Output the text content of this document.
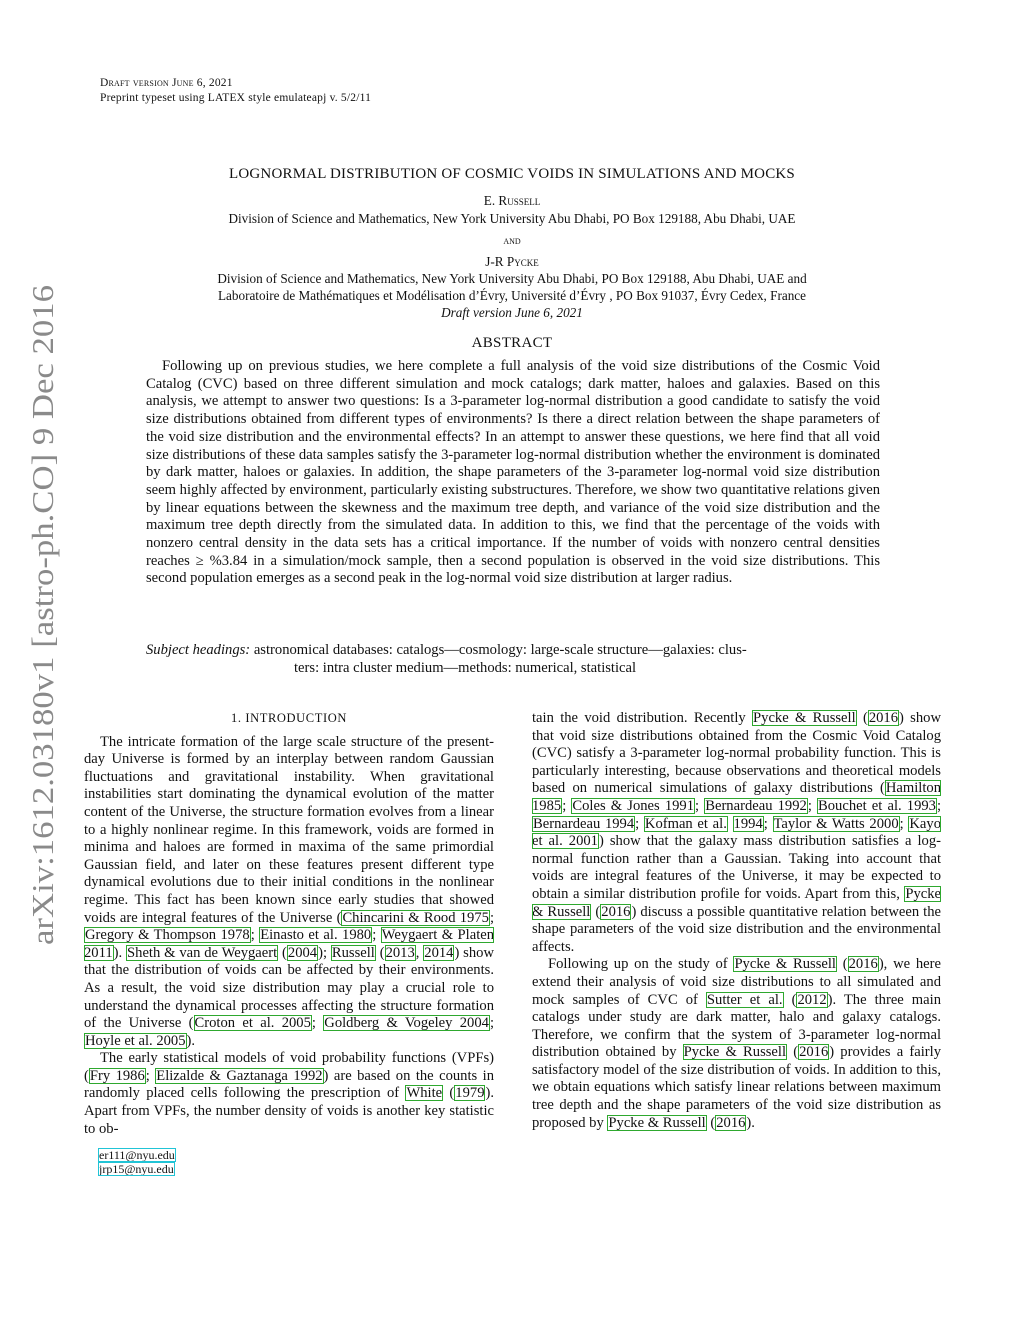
arXiv:1612.03180v1 [astro-ph.CO] 9 Dec 2016
Draft version June 6, 2021
Preprint typeset using LATEX style emulateapj v. 5/2/11
LOGNORMAL DISTRIBUTION OF COSMIC VOIDS IN SIMULATIONS AND MOCKS
E. Russell
Division of Science and Mathematics, New York University Abu Dhabi, PO Box 129188, Abu Dhabi, UAE
and
J-R Pycke
Division of Science and Mathematics, New York University Abu Dhabi, PO Box 129188, Abu Dhabi, UAE and
Laboratoire de Mathématiques et Modélisation d’Évry, Université d’Évry , PO Box 91037, Évry Cedex, France
Draft version June 6, 2021
ABSTRACT

Following up on previous studies, we here complete a full analysis of the void size distributions of the Cosmic Void Catalog (CVC) based on three different simulation and mock catalogs; dark matter, haloes and galaxies. Based on this analysis, we attempt to answer two questions: Is a 3-parameter log-normal distribution a good candidate to satisfy the void size distributions obtained from different types of environments? Is there a direct relation between the shape parameters of the void size distribution and the environmental effects? In an attempt to answer these questions, we here find that all void size distributions of these data samples satisfy the 3-parameter log-normal distribution whether the environment is dominated by dark matter, haloes or galaxies. In addition, the shape parameters of the 3-parameter log-normal void size distribution seem highly affected by environment, particularly existing substructures. Therefore, we show two quantitative relations given by linear equations between the skewness and the maximum tree depth, and variance of the void size distribution and the maximum tree depth directly from the simulated data. In addition to this, we find that the percentage of the voids with nonzero central density in the data sets has a critical importance. If the number of voids with nonzero central densities reaches ≥ %3.84 in a simulation/mock sample, then a second population is observed in the void size distributions. This second population emerges as a second peak in the log-normal void size distribution at larger radius.

Subject headings: astronomical databases: catalogs—cosmology: large-scale structure—galaxies: clus-
ters: intra cluster medium—methods: numerical, statistical
1. INTRODUCTION

The intricate formation of the large scale structure of the present-day Universe is formed by an interplay between random Gaussian fluctuations and gravitational instability. When gravitational instabilities start dominating the dynamical evolution of the matter content of the Universe, the structure formation evolves from a linear to a highly nonlinear regime. In this framework, voids are formed in minima and haloes are formed in maxima of the same primordial Gaussian field, and later on these features present different type dynamical evolutions due to their initial conditions in the nonlinear regime. This fact has been known since early studies that showed voids are integral features of the Universe (Chincarini & Rood 1975; Gregory & Thompson 1978; Einasto et al. 1980; Weygaert & Platen 2011). Sheth & van de Weygaert (2004); Russell (2013, 2014) show that the distribution of voids can be affected by their environments. As a result, the void size distribution may play a crucial role to understand the dynamical processes affecting the structure formation of the Universe (Croton et al. 2005; Goldberg & Vogeley 2004; Hoyle et al. 2005).

The early statistical models of void probability functions (VPFs) (Fry 1986; Elizalde & Gaztanaga 1992) are based on the counts in randomly placed cells following the prescription of White (1979). Apart from VPFs, the number density of voids is another key statistic to ob-

er111@nyu.edu
jrp15@nyu.edu

tain the void distribution. Recently Pycke & Russell (2016) show that void size distributions obtained from the Cosmic Void Catalog (CVC) satisfy a 3-parameter log-normal probability function. This is particularly interesting, because observations and theoretical models based on numerical simulations of galaxy distributions (Hamilton 1985; Coles & Jones 1991; Bernardeau 1992; Bouchet et al. 1993; Bernardeau 1994; Kofman et al. 1994; Taylor & Watts 2000; Kayo et al. 2001) show that the galaxy mass distribution satisfies a log-normal function rather than a Gaussian. Taking into account that voids are integral features of the Universe, it may be expected to obtain a similar distribution profile for voids. Apart from this, Pycke & Russell (2016) discuss a possible quantitative relation between the shape parameters of the void size distribution and the environmental affects.

Following up on the study of Pycke & Russell (2016), we here extend their analysis of void size distributions to all simulated and mock samples of CVC of Sutter et al. (2012). The three main catalogs under study are dark matter, halo and galaxy catalogs. Therefore, we confirm that the system of 3-parameter log-normal distribution obtained by Pycke & Russell (2016) provides a fairly satisfactory model of the size distribution of voids. In addition to this, we obtain equations which satisfy linear relations between maximum tree depth and the shape parameters of the void size distribution as proposed by Pycke & Russell (2016).
